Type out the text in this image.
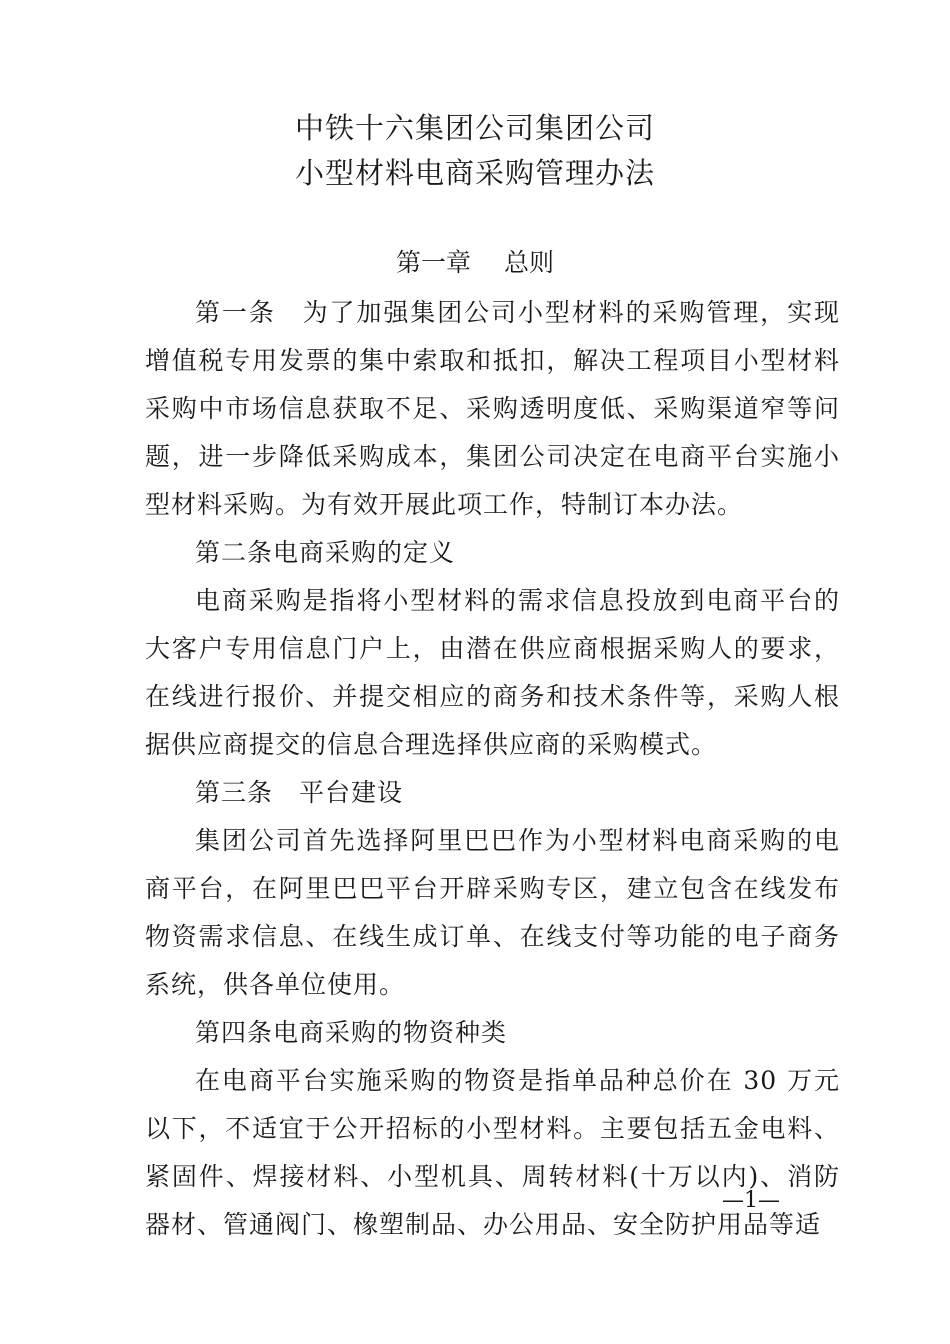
中铁十六集团公司集团公司
小型材料电商采购管理办法
第一章　 总则

第一条　为了加强集团公司小型材料的采购管理，实现增值税专用发票的集中索取和抵扣，解决工程项目小型材料采购中市场信息获取不足、采购透明度低、采购渠道窄等问题，进一步降低采购成本，集团公司决定在电商平台实施小型材料采购。为有效开展此项工作，特制订本办法。

第二条电商采购的定义

电商采购是指将小型材料的需求信息投放到电商平台的大客户专用信息门户上，由潜在供应商根据采购人的要求，在线进行报价、并提交相应的商务和技术条件等，采购人根据供应商提交的信息合理选择供应商的采购模式。

第三条　平台建设

集团公司首先选择阿里巴巴作为小型材料电商采购的电商平台，在阿里巴巴平台开辟采购专区，建立包含在线发布物资需求信息、在线生成订单、在线支付等功能的电子商务系统，供各单位使用。

第四条电商采购的物资种类

在电商平台实施采购的物资是指单品种总价在 30 万元以下，不适宜于公开招标的小型材料。主要包括五金电料、紧固件、焊接材料、小型机具、周转材料(十万以内)、消防器材、管通阀门、橡塑制品、办公用品、安全防护用品等适

—1—
